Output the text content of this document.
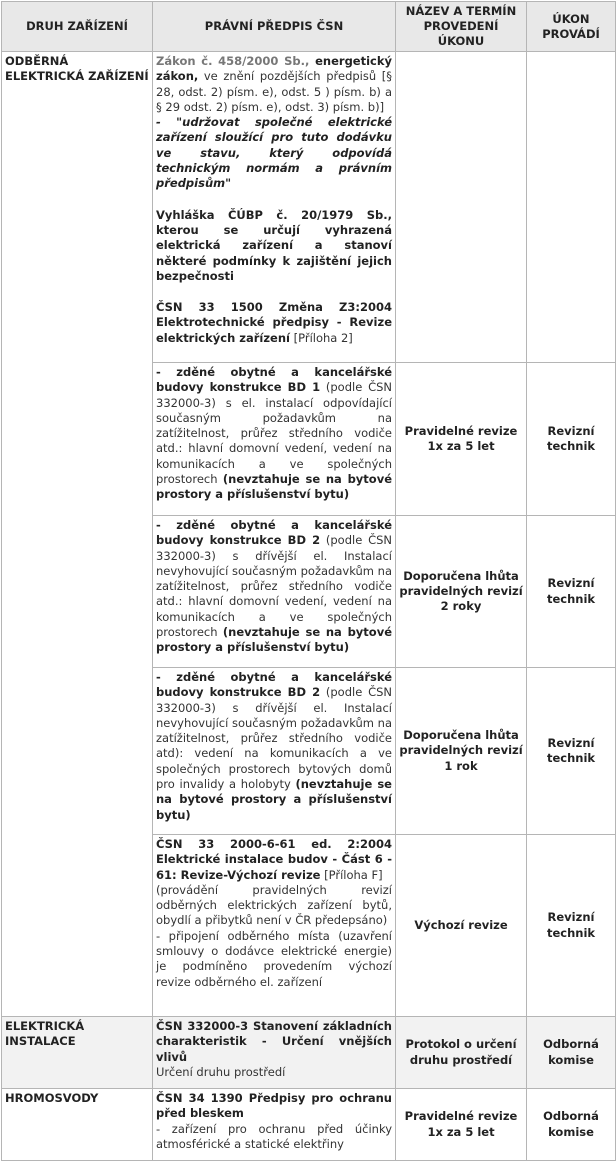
DRUH ZAŘÍZENÍ	PRÁVNÍ PŘEDPIS ČSN	NÁZEV A TERMÍN PROVEDENÍ ÚKONU	ÚKON PROVÁDÍ
ODBĚRNÁ ELEKTRICKÁ ZAŘÍZENÍ	Zákon č. 458/2000 Sb., energetický zákon, ve znění pozdějších předpisů [§ 28, odst. 2) písm. e), odst. 5 ) písm. b) a § 29 odst. 2) písm. e), odst. 3) písm. b)]
- "udržovat společné elektrické zařízení sloužící pro tuto dodávku ve stavu, který odpovídá technickým normám a právním předpisům"
Vyhláška ČÚBP č. 20/1979 Sb., kterou se určují vyhrazená elektrická zařízení a stanoví některé podmínky k zajištění jejich bezpečnosti
ČSN 33 1500 Změna Z3:2004 Elektrotechnické předpisy - Revize elektrických zařízení [Příloha 2]		

	- zděné obytné a kancelářské budovy konstrukce BD 1 (podle ČSN 332000-3) s el. instalací odpovídající současným požadavkům na zatížitelnost, průřez středního vodiče atd.: hlavní domovní vedení, vedení na komunikacích a ve společných prostorech (nevztahuje se na bytové prostory a příslušenství bytu)	Pravidelné revize 1x za 5 let	Revizní technik
	- zděné obytné a kancelářské budovy konstrukce BD 2 (podle ČSN 332000-3) s dřívější el. Instalací nevyhovující současným požadavkům na zatížitelnost, průřez středního vodiče atd.: hlavní domovní vedení, vedení na komunikacích a ve společných prostorech (nevztahuje se na bytové prostory a příslušenství bytu)	Doporučena lhůta pravidelných revizí 2 roky	Revizní technik
	- zděné obytné a kancelářské budovy konstrukce BD 2 (podle ČSN 332000-3) s dřívější el. Instalací nevyhovující současným požadavkům na zatížitelnost, průřez středního vodiče atd): vedení na komunikacích a ve společných prostorech bytových domů pro invalidy a holobyty (nevztahuje se na bytové prostory a příslušenství bytu)	Doporučena lhůta pravidelných revizí 1 rok	Revizní technik

	ČSN 33 2000-6-61 ed. 2:2004 Elektrické instalace budov - Část 6 - 61: Revize-Výchozí revize [Příloha F]
(provádění pravidelných revizí odběrných elektrických zařízení bytů, obydlí a přibytků není v ČR předepsáno)
- připojení odběrného místa (uzavření smlouvy o dodávce elektrické energie) je podmíněno provedením výchozí revize odběrného el. zařízení	Výchozí revize	Revizní technik
ELEKTRICKÁ INSTALACE	ČSN 332000-3 Stanovení základních charakteristik - Určení vnějších vlivů
Určení druhu prostředí	Protokol o určení druhu prostředí	Odborná komise
HROMOSVODY	ČSN 34 1390 Předpisy pro ochranu před bleskem
- zařízení pro ochranu před účinky atmosférické a statické elektřiny	Pravidelné revize 1x za 5 let	Odborná komise
